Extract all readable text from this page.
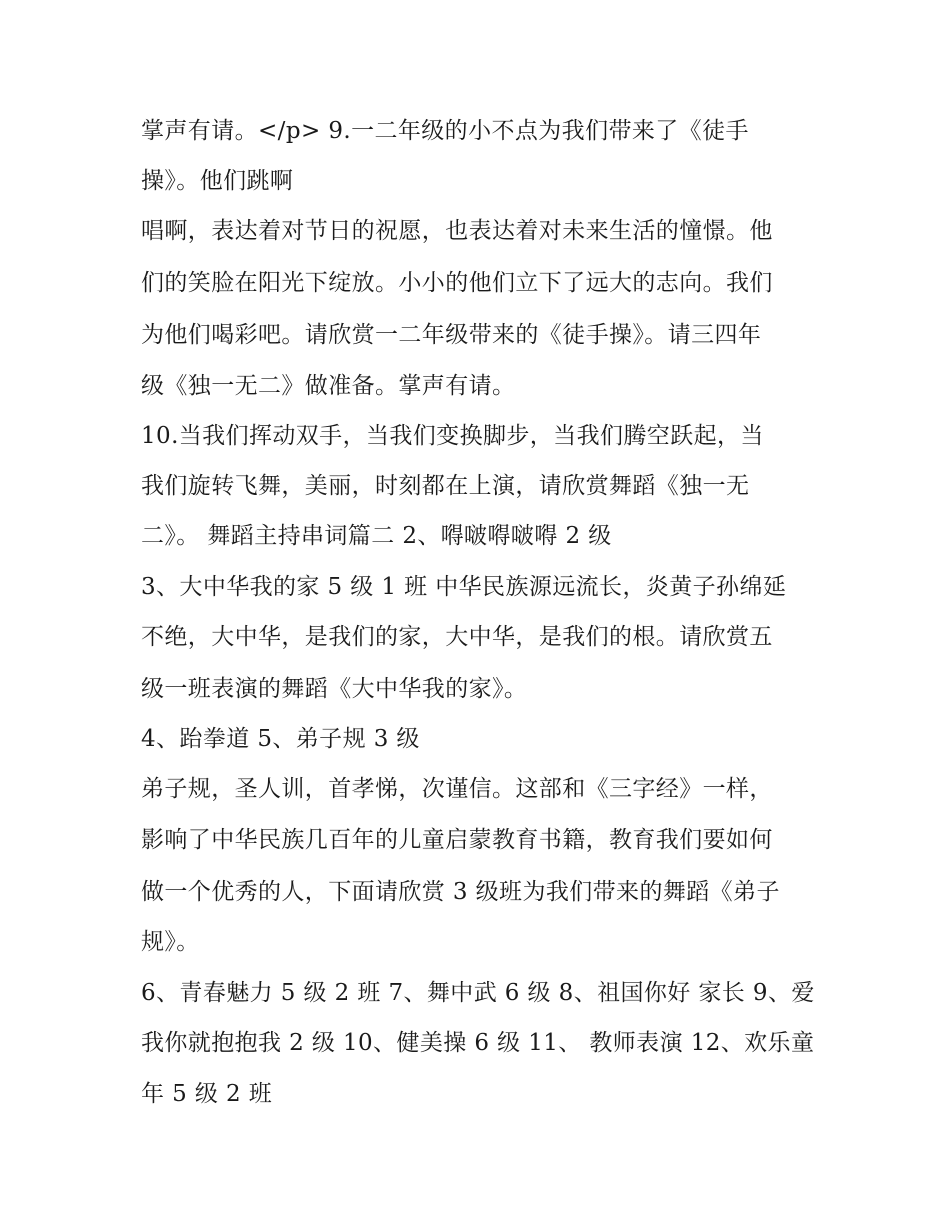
掌声有请。</p> 9.一二年级的小不点为我们带来了《徒手

操》。他们跳啊

唱啊，表达着对节日的祝愿，也表达着对未来生活的憧憬。他

们的笑脸在阳光下绽放。小小的他们立下了远大的志向。我们

为他们喝彩吧。请欣赏一二年级带来的《徒手操》。请三四年

级《独一无二》做准备。掌声有请。

10.当我们挥动双手，当我们变换脚步，当我们腾空跃起，当

我们旋转飞舞，美丽，时刻都在上演，请欣赏舞蹈《独一无

二》。 舞蹈主持串词篇二 2、嘚啵嘚啵嘚 2 级

3、大中华我的家 5 级 1 班 中华民族源远流长，炎黄子孙绵延

不绝，大中华，是我们的家，大中华，是我们的根。请欣赏五

级一班表演的舞蹈《大中华我的家》。

4、跆拳道 5、弟子规 3 级

弟子规，圣人训，首孝悌，次谨信。这部和《三字经》一样，

影响了中华民族几百年的儿童启蒙教育书籍，教育我们要如何

做一个优秀的人，下面请欣赏 3 级班为我们带来的舞蹈《弟子

规》。

6、青春魅力 5 级 2 班 7、舞中武 6 级 8、祖国你好 家长 9、爱

我你就抱抱我 2 级 10、健美操 6 级 11、 教师表演 12、欢乐童

年 5 级 2 班
